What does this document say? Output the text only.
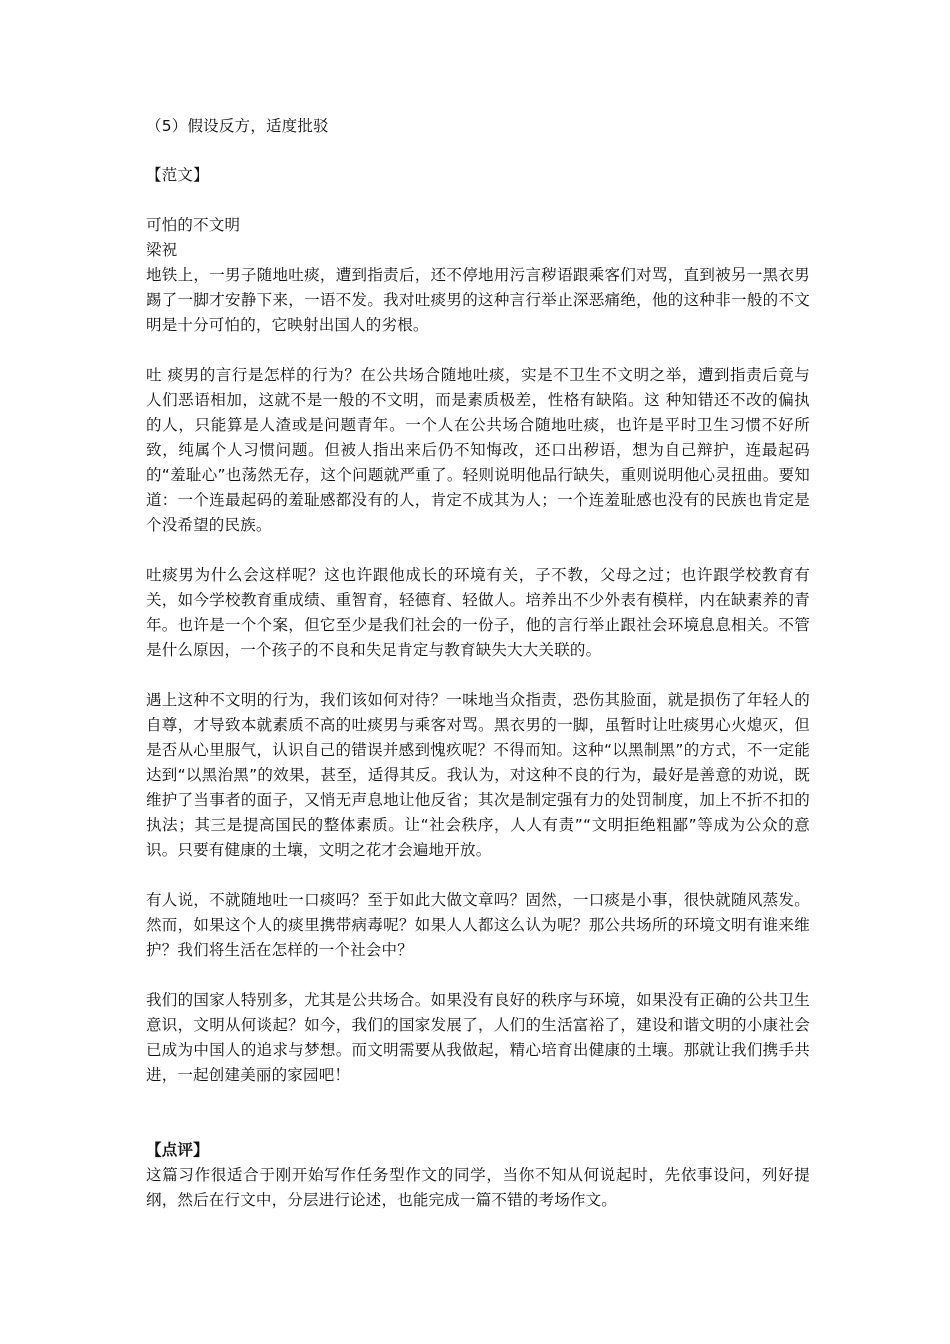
（5）假设反方，适度批驳
【范文】
可怕的不文明
梁祝
地铁上，一男子随地吐痰，遭到指责后，还不停地用污言秽语跟乘客们对骂，直到被另一黑衣男踢了一脚才安静下来，一语不发。我对吐痰男的这种言行举止深恶痛绝，他的这种非一般的不文明是十分可怕的，它映射出国人的劣根。
吐 痰男的言行是怎样的行为？在公共场合随地吐痰，实是不卫生不文明之举，遭到指责后竟与人们恶语相加，这就不是一般的不文明，而是素质极差，性格有缺陷。这 种知错还不改的偏执的人，只能算是人渣或是问题青年。一个人在公共场合随地吐痰，也许是平时卫生习惯不好所致，纯属个人习惯问题。但被人指出来后仍不知悔改，还口出秽语，想为自己辩护，连最起码的“羞耻心”也荡然无存，这个问题就严重了。轻则说明他品行缺失，重则说明他心灵扭曲。要知道：一个连最起码的羞耻感都没有的人，肯定不成其为人；一个连羞耻感也没有的民族也肯定是个没希望的民族。
吐痰男为什么会这样呢？这也许跟他成长的环境有关，子不教，父母之过；也许跟学校教育有关，如今学校教育重成绩、重智育，轻德育、轻做人。培养出不少外表有模样，内在缺素养的青年。也许是一个个案，但它至少是我们社会的一份子，他的言行举止跟社会环境息息相关。不管是什么原因，一个孩子的不良和失足肯定与教育缺失大大关联的。
遇上这种不文明的行为，我们该如何对待？一味地当众指责，恐伤其脸面，就是损伤了年轻人的自尊，才导致本就素质不高的吐痰男与乘客对骂。黑衣男的一脚，虽暂时让吐痰男心火熄灭，但是否从心里服气，认识自己的错误并感到愧疚呢？不得而知。这种“以黑制黑”的方式，不一定能达到“以黑治黑”的效果，甚至，适得其反。我认为，对这种不良的行为，最好是善意的劝说，既维护了当事者的面子，又悄无声息地让他反省；其次是制定强有力的处罚制度，加上不折不扣的执法；其三是提高国民的整体素质。让“社会秩序，人人有责”“文明拒绝粗鄙”等成为公众的意识。只要有健康的土壤，文明之花才会遍地开放。
有人说，不就随地吐一口痰吗？至于如此大做文章吗？固然，一口痰是小事，很快就随风蒸发。然而，如果这个人的痰里携带病毒呢？如果人人都这么认为呢？那公共场所的环境文明有谁来维护？我们将生活在怎样的一个社会中？
我们的国家人特别多，尤其是公共场合。如果没有良好的秩序与环境，如果没有正确的公共卫生意识，文明从何谈起？如今，我们的国家发展了，人们的生活富裕了，建设和谐文明的小康社会已成为中国人的追求与梦想。而文明需要从我做起，精心培育出健康的土壤。那就让我们携手共进，一起创建美丽的家园吧！
【点评】
这篇习作很适合于刚开始写作任务型作文的同学，当你不知从何说起时，先依事设问，列好提纲，然后在行文中，分层进行论述，也能完成一篇不错的考场作文。
